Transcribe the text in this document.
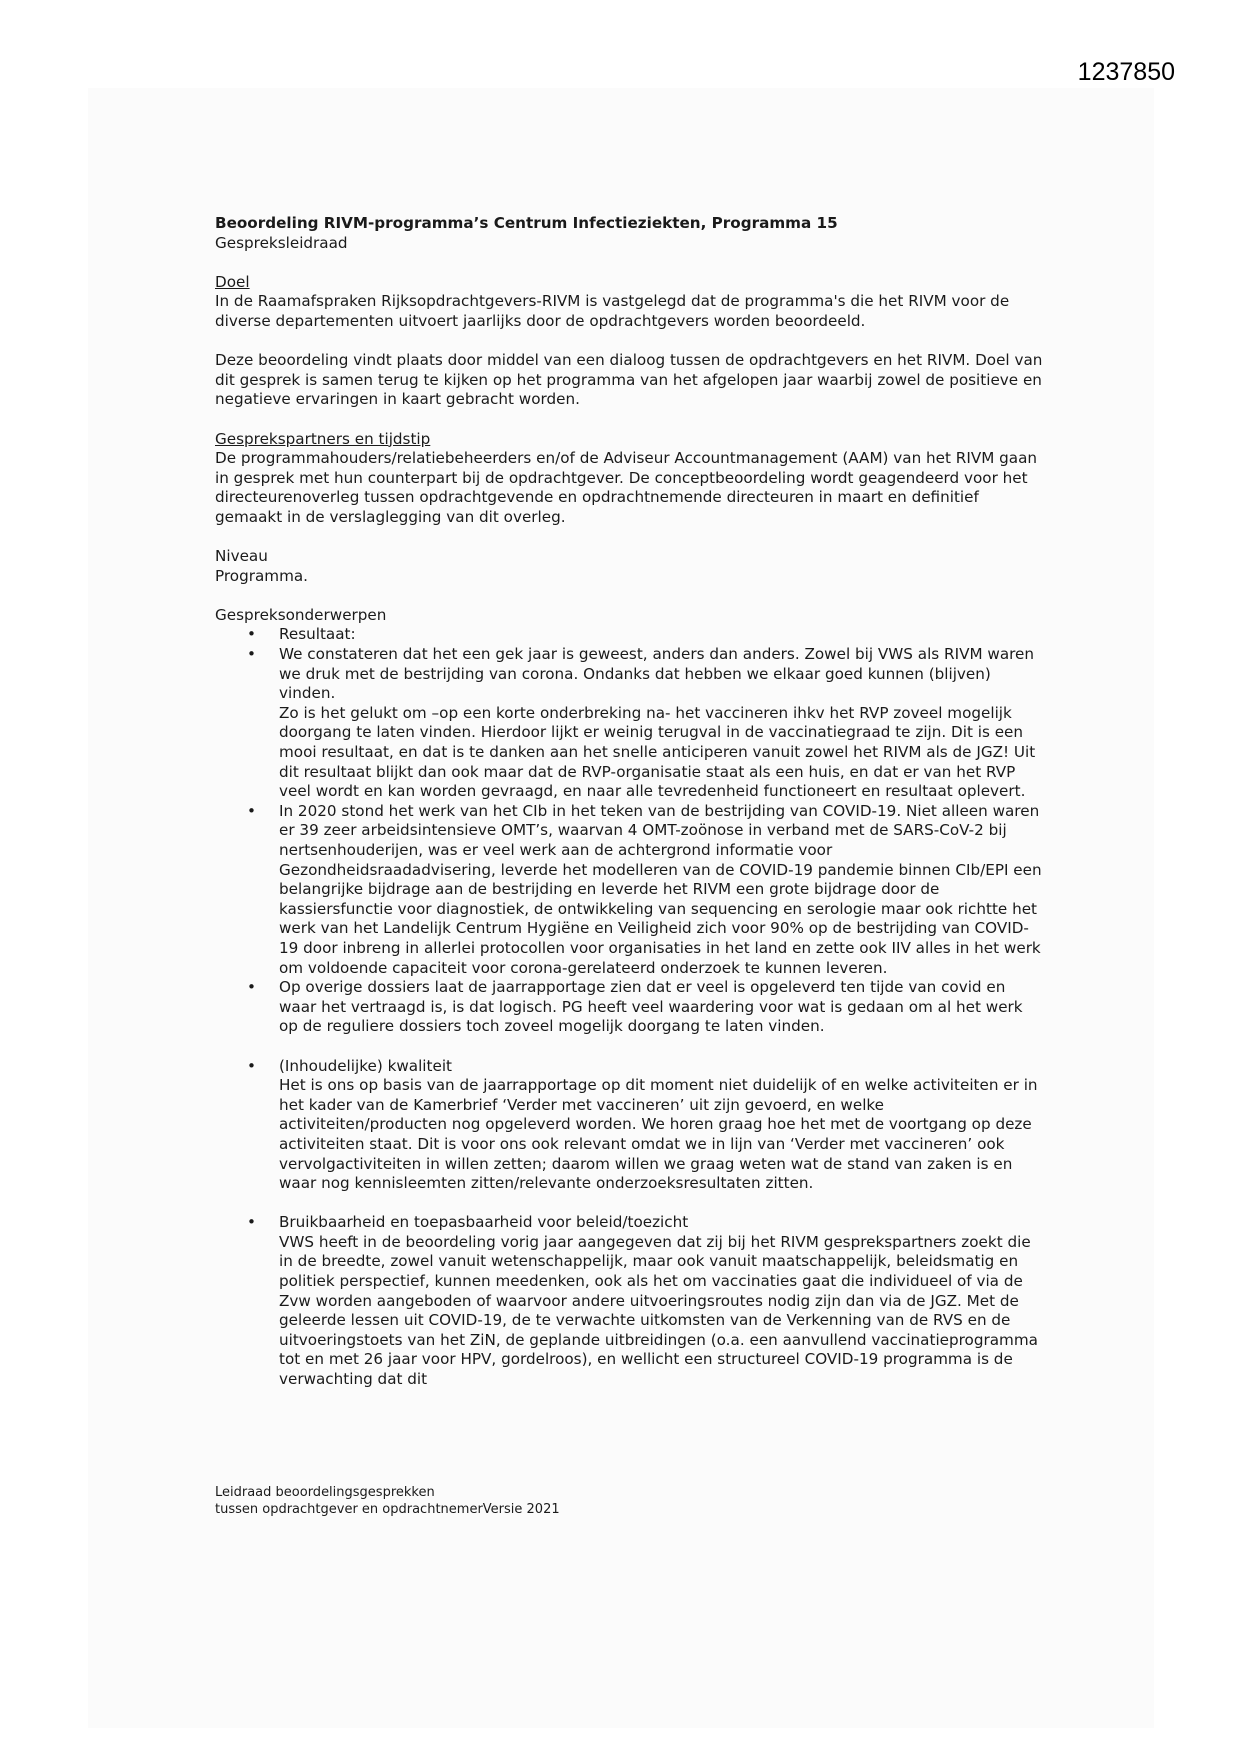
1237850

Beoordeling RIVM-programma’s Centrum Infectieziekten, Programma 15

Gespreksleidraad

Doel

In de Raamafspraken Rijksopdrachtgevers-RIVM is vastgelegd dat de programma's die het RIVM voor de diverse departementen uitvoert jaarlijks door de opdrachtgevers worden beoordeeld.

Deze beoordeling vindt plaats door middel van een dialoog tussen de opdrachtgevers en het RIVM. Doel van dit gesprek is samen terug te kijken op het programma van het afgelopen jaar waarbij zowel de positieve en negatieve ervaringen in kaart gebracht worden.

Gesprekspartners en tijdstip

De programmahouders/relatiebeheerders en/of de Adviseur Accountmanagement (AAM) van het RIVM gaan in gesprek met hun counterpart bij de opdrachtgever. De conceptbeoordeling wordt geagendeerd voor het directeurenoverleg tussen opdrachtgevende en opdrachtnemende directeuren in maart en definitief gemaakt in de verslaglegging van dit overleg.

Niveau

Programma.

Gespreksonderwerpen

• Resultaat:

• We constateren dat het een gek jaar is geweest, anders dan anders. Zowel bij VWS als RIVM waren we druk met de bestrijding van corona. Ondanks dat hebben we elkaar goed kunnen (blijven) vinden.

Zo is het gelukt om –op een korte onderbreking na- het vaccineren ihkv het RVP zoveel mogelijk doorgang te laten vinden. Hierdoor lijkt er weinig terugval in de vaccinatiegraad te zijn. Dit is een mooi resultaat, en dat is te danken aan het snelle anticiperen vanuit zowel het RIVM als de JGZ! Uit dit resultaat blijkt dan ook maar dat de RVP-organisatie staat als een huis, en dat er van het RVP veel wordt en kan worden gevraagd, en naar alle tevredenheid functioneert en resultaat oplevert.

• In 2020 stond het werk van het CIb in het teken van de bestrijding van COVID-19. Niet alleen waren er 39 zeer arbeidsintensieve OMT’s, waarvan 4 OMT-zoönose in verband met de SARS-CoV-2 bij nertsenhouderijen, was er veel werk aan de achtergrond informatie voor Gezondheidsraadadvisering, leverde het modelleren van de COVID-19 pandemie binnen CIb/EPI een belangrijke bijdrage aan de bestrijding en leverde het RIVM een grote bijdrage door de kassiersfunctie voor diagnostiek, de ontwikkeling van sequencing en serologie maar ook richtte het werk van het Landelijk Centrum Hygiëne en Veiligheid zich voor 90% op de bestrijding van COVID-19 door inbreng in allerlei protocollen voor organisaties in het land en zette ook IIV alles in het werk om voldoende capaciteit voor corona-gerelateerd onderzoek te kunnen leveren.

• Op overige dossiers laat de jaarrapportage zien dat er veel is opgeleverd ten tijde van covid en waar het vertraagd is, is dat logisch. PG heeft veel waardering voor wat is gedaan om al het werk op de reguliere dossiers toch zoveel mogelijk doorgang te laten vinden.

• (Inhoudelijke) kwaliteit

Het is ons op basis van de jaarrapportage op dit moment niet duidelijk of en welke activiteiten er in het kader van de Kamerbrief ‘Verder met vaccineren’ uit zijn gevoerd, en welke activiteiten/producten nog opgeleverd worden. We horen graag hoe het met de voortgang op deze activiteiten staat. Dit is voor ons ook relevant omdat we in lijn van ‘Verder met vaccineren’ ook vervolgactiviteiten in willen zetten; daarom willen we graag weten wat de stand van zaken is en waar nog kennisleemten zitten/relevante onderzoeksresultaten zitten.

• Bruikbaarheid en toepasbaarheid voor beleid/toezicht

VWS heeft in de beoordeling vorig jaar aangegeven dat zij bij het RIVM gesprekspartners zoekt die in de breedte, zowel vanuit wetenschappelijk, maar ook vanuit maatschappelijk, beleidsmatig en politiek perspectief, kunnen meedenken, ook als het om vaccinaties gaat die individueel of via de Zvw worden aangeboden of waarvoor andere uitvoeringsroutes nodig zijn dan via de JGZ. Met de geleerde lessen uit COVID-19, de te verwachte uitkomsten van de Verkenning van de RVS en de uitvoeringstoets van het ZiN, de geplande uitbreidingen (o.a. een aanvullend vaccinatieprogramma tot en met 26 jaar voor HPV, gordelroos), en wellicht een structureel COVID-19 programma is de verwachting dat dit

Leidraad beoordelingsgesprekken
tussen opdrachtgever en opdrachtnemerVersie 2021
